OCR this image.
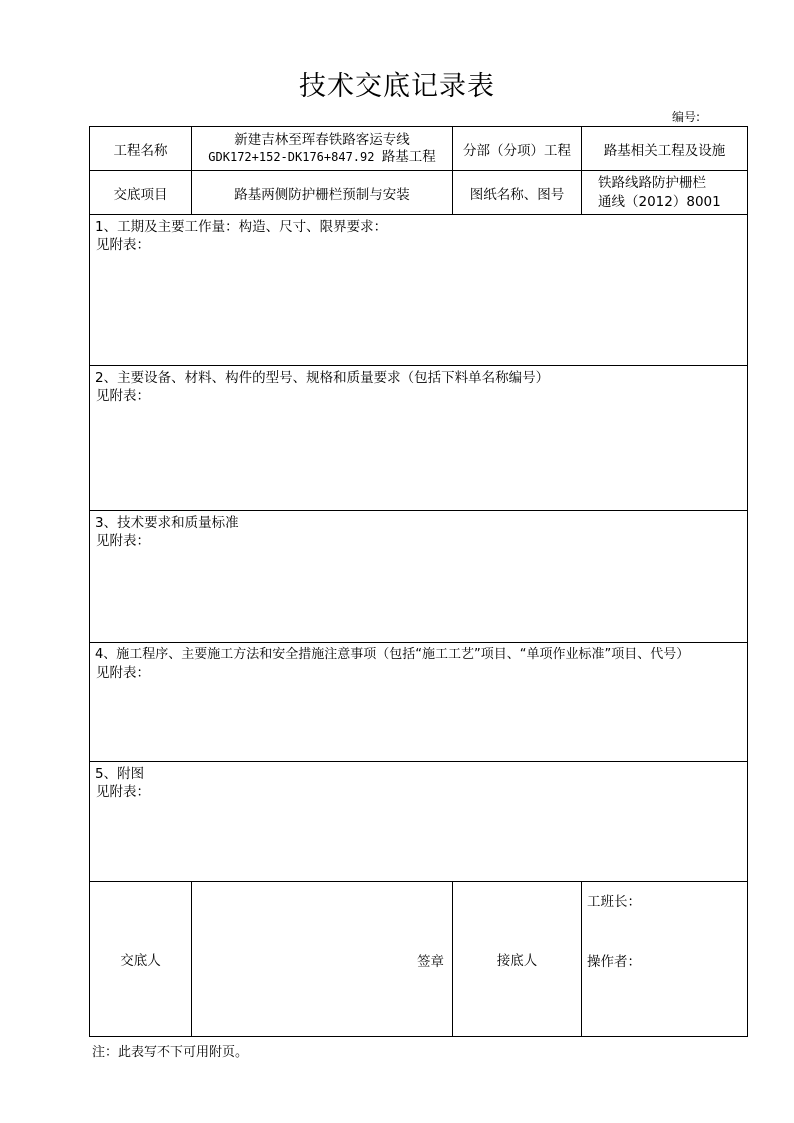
技术交底记录表
编号:
工程名称	新建吉林至珲春铁路客运专线
GDK172+152-DK176+847.92 路基工程	分部（分项）工程	路基相关工程及设施
交底项目	路基两侧防护栅栏预制与安装	图纸名称、图号	铁路线路防护栅栏
通线（2012）8001

1、工期及主要工作量：构造、尺寸、限界要求：
见附表：			

2、主要设备、材料、构件的型号、规格和质量要求（包括下料单名称编号）
见附表：			

3、技术要求和质量标准
见附表：			

4、施工程序、主要施工方法和安全措施注意事项（包括“施工工艺”项目、“单项作业标准”项目、代号）
见附表：			

5、附图
见附表：			

交底人	签章	接底人	工班长：
操作者：
注：此表写不下可用附页。
